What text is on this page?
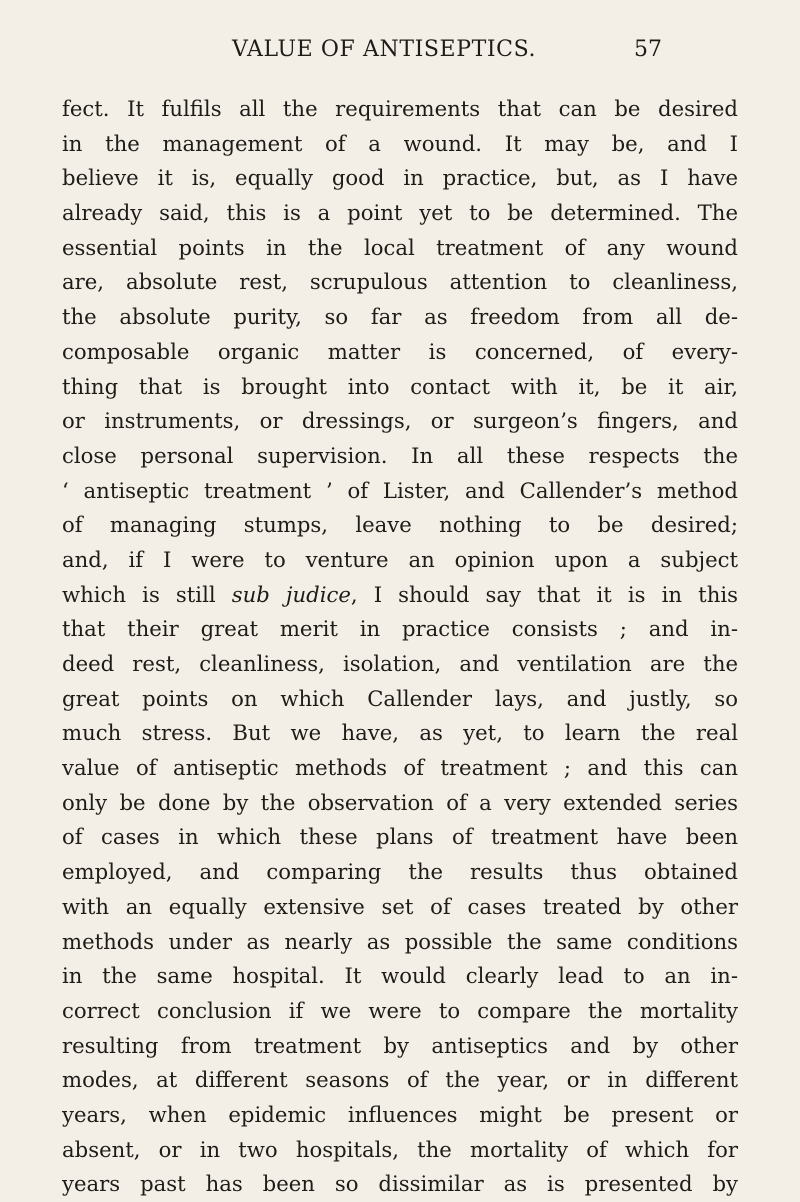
VALUE OF ANTISEPTICS.	57
fect. It fulfils all the requirements that can be desired
in the management of a wound. It may be, and I
believe it is, equally good in practice, but, as I have
already said, this is a point yet to be determined. The
essential points in the local treatment of any wound
are, absolute rest, scrupulous attention to cleanliness,
the absolute purity, so far as freedom from all de-
composable organic matter is concerned, of every-
thing that is brought into contact with it, be it air,
or instruments, or dressings, or surgeon’s fingers, and
close personal supervision. In all these respects the
‘ antiseptic treatment ’ of Lister, and Callender’s method
of managing stumps, leave nothing to be desired;
and, if I were to venture an opinion upon a subject
which is still sub judice, I should say that it is in this
that their great merit in practice consists ; and in-
deed rest, cleanliness, isolation, and ventilation are the
great points on which Callender lays, and justly, so
much stress. But we have, as yet, to learn the real
value of antiseptic methods of treatment ; and this can
only be done by the observation of a very extended series
of cases in which these plans of treatment have been
employed, and comparing the results thus obtained
with an equally extensive set of cases treated by other
methods under as nearly as possible the same conditions
in the same hospital. It would clearly lead to an in-
correct conclusion if we were to compare the mortality
resulting from treatment by antiseptics and by other
modes, at different seasons of the year, or in different
years, when epidemic influences might be present or
absent, or in two hospitals, the mortality of which for
years past has been so dissimilar as is presented by
